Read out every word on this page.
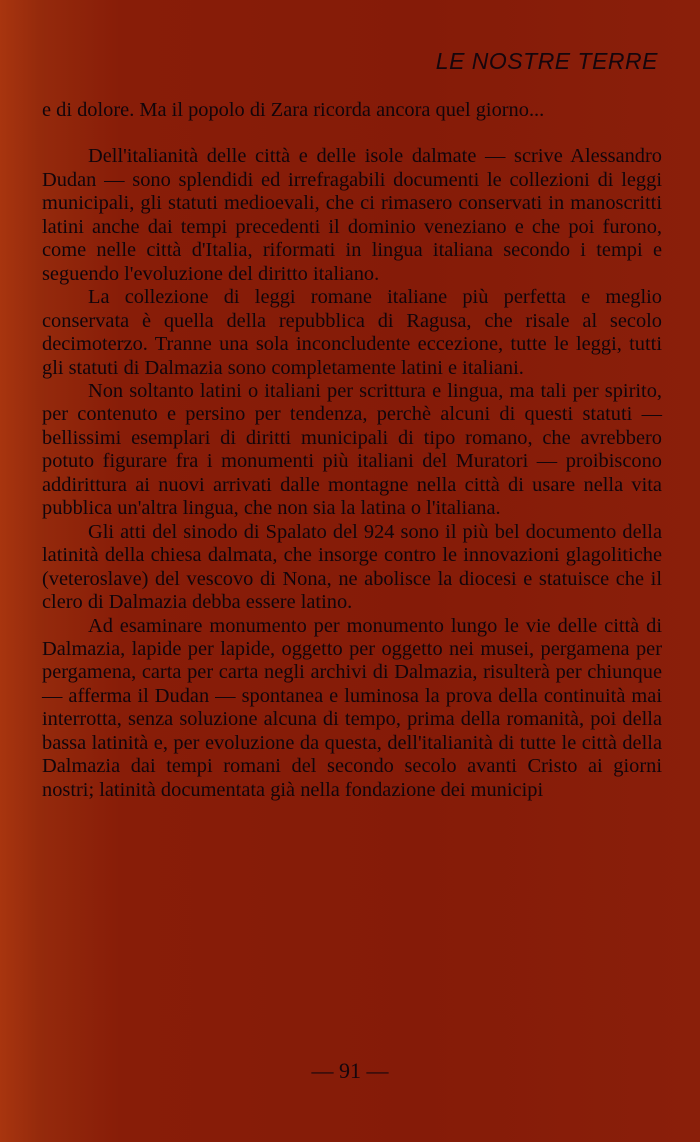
LE NOSTRE TERRE

e di dolore. Ma il popolo di Zara ricorda ancora quel giorno...

Dell'italianità delle città e delle isole dalmate — scrive Alessandro Dudan — sono splendidi ed irrefragabili documenti le collezioni di leggi municipali, gli statuti medioevali, che ci rimasero conservati in manoscritti latini anche dai tempi precedenti il dominio veneziano e che poi furono, come nelle città d'Italia, riformati in lingua italiana secondo i tempi e seguendo l'evoluzione del diritto italiano.

La collezione di leggi romane italiane più perfetta e meglio conservata è quella della repubblica di Ragusa, che risale al secolo decimoterzo. Tranne una sola inconcludente eccezione, tutte le leggi, tutti gli statuti di Dalmazia sono completamente latini e italiani.

Non soltanto latini o italiani per scrittura e lingua, ma tali per spirito, per contenuto e persino per tendenza, perchè alcuni di questi statuti — bellissimi esemplari di diritti municipali di tipo romano, che avrebbero potuto figurare fra i monumenti più italiani del Muratori — proibiscono addirittura ai nuovi arrivati dalle montagne nella città di usare nella vita pubblica un'altra lingua, che non sia la latina o l'italiana.

Gli atti del sinodo di Spalato del 924 sono il più bel documento della latinità della chiesa dalmata, che insorge contro le innovazioni glagolitiche (veteroslave) del vescovo di Nona, ne abolisce la diocesi e statuisce che il clero di Dalmazia debba essere latino.

Ad esaminare monumento per monumento lungo le vie delle città di Dalmazia, lapide per lapide, oggetto per oggetto nei musei, pergamena per pergamena, carta per carta negli archivi di Dalmazia, risulterà per chiunque — afferma il Dudan — spontanea e luminosa la prova della continuità mai interrotta, senza soluzione alcuna di tempo, prima della romanità, poi della bassa latinità e, per evoluzione da questa, dell'italianità di tutte le città della Dalmazia dai tempi romani del secondo secolo avanti Cristo ai giorni nostri; latinità documentata già nella fondazione dei municipi

— 91 —
